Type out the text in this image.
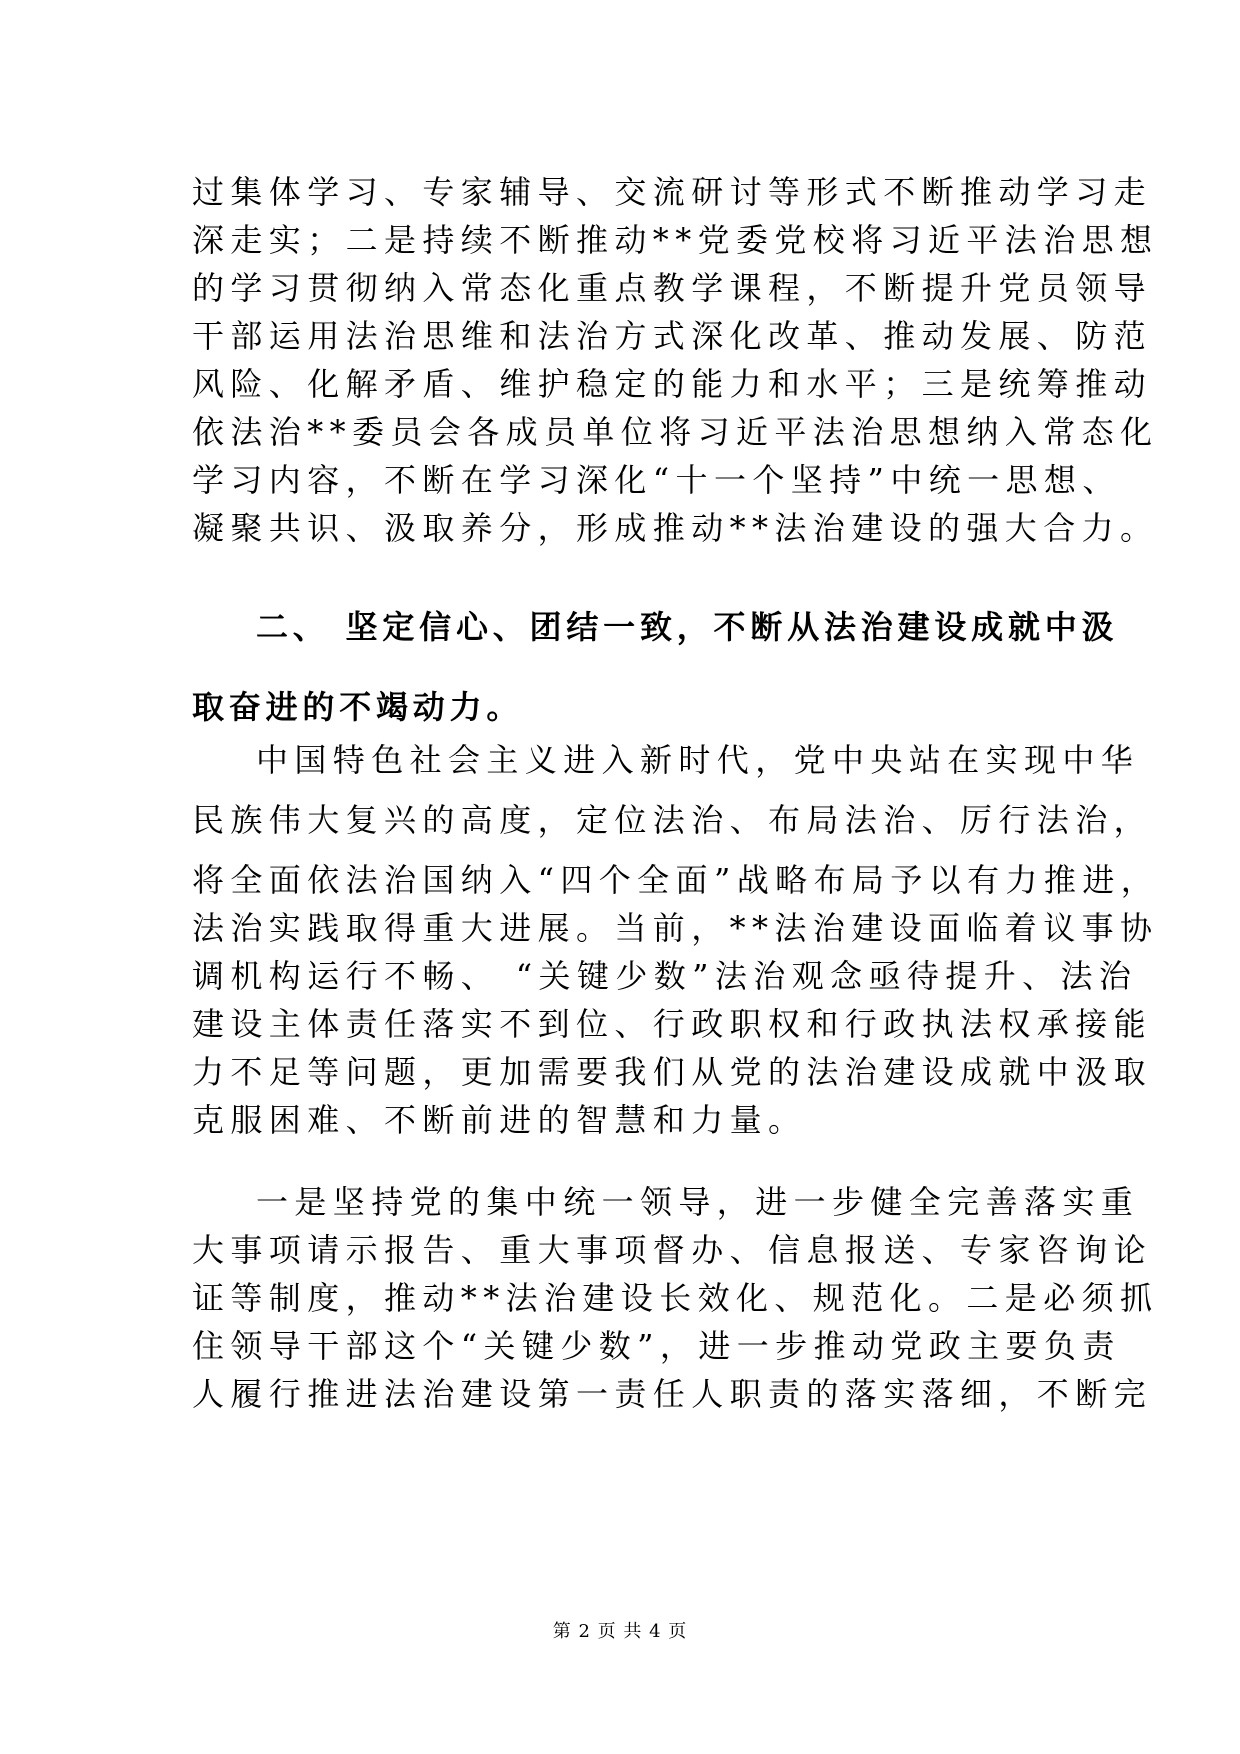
过集体学习、专家辅导、交流研讨等形式不断推动学习走
深走实；二是持续不断推动**党委党校将习近平法治思想
的学习贯彻纳入常态化重点教学课程，不断提升党员领导
干部运用法治思维和法治方式深化改革、推动发展、防范
风险、化解矛盾、维护稳定的能力和水平；三是统筹推动
依法治**委员会各成员单位将习近平法治思想纳入常态化
学习内容，不断在学习深化“十一个坚持”中统一思想、
凝聚共识、汲取养分，形成推动**法治建设的强大合力。
二、 坚定信心、团结一致，不断从法治建设成就中汲
取奋进的不竭动力。
中国特色社会主义进入新时代，党中央站在实现中华
民族伟大复兴的高度，定位法治、布局法治、厉行法治，
将全面依法治国纳入“四个全面”战略布局予以有力推进，
法治实践取得重大进展。当前，**法治建设面临着议事协
调机构运行不畅、 “关键少数”法治观念亟待提升、法治
建设主体责任落实不到位、行政职权和行政执法权承接能
力不足等问题，更加需要我们从党的法治建设成就中汲取
克服困难、不断前进的智慧和力量。
一是坚持党的集中统一领导，进一步健全完善落实重
大事项请示报告、重大事项督办、信息报送、专家咨询论
证等制度，推动**法治建设长效化、规范化。二是必须抓
住领导干部这个“关键少数”，进一步推动党政主要负责
人履行推进法治建设第一责任人职责的落实落细，不断完
第 2 页 共 4 页
